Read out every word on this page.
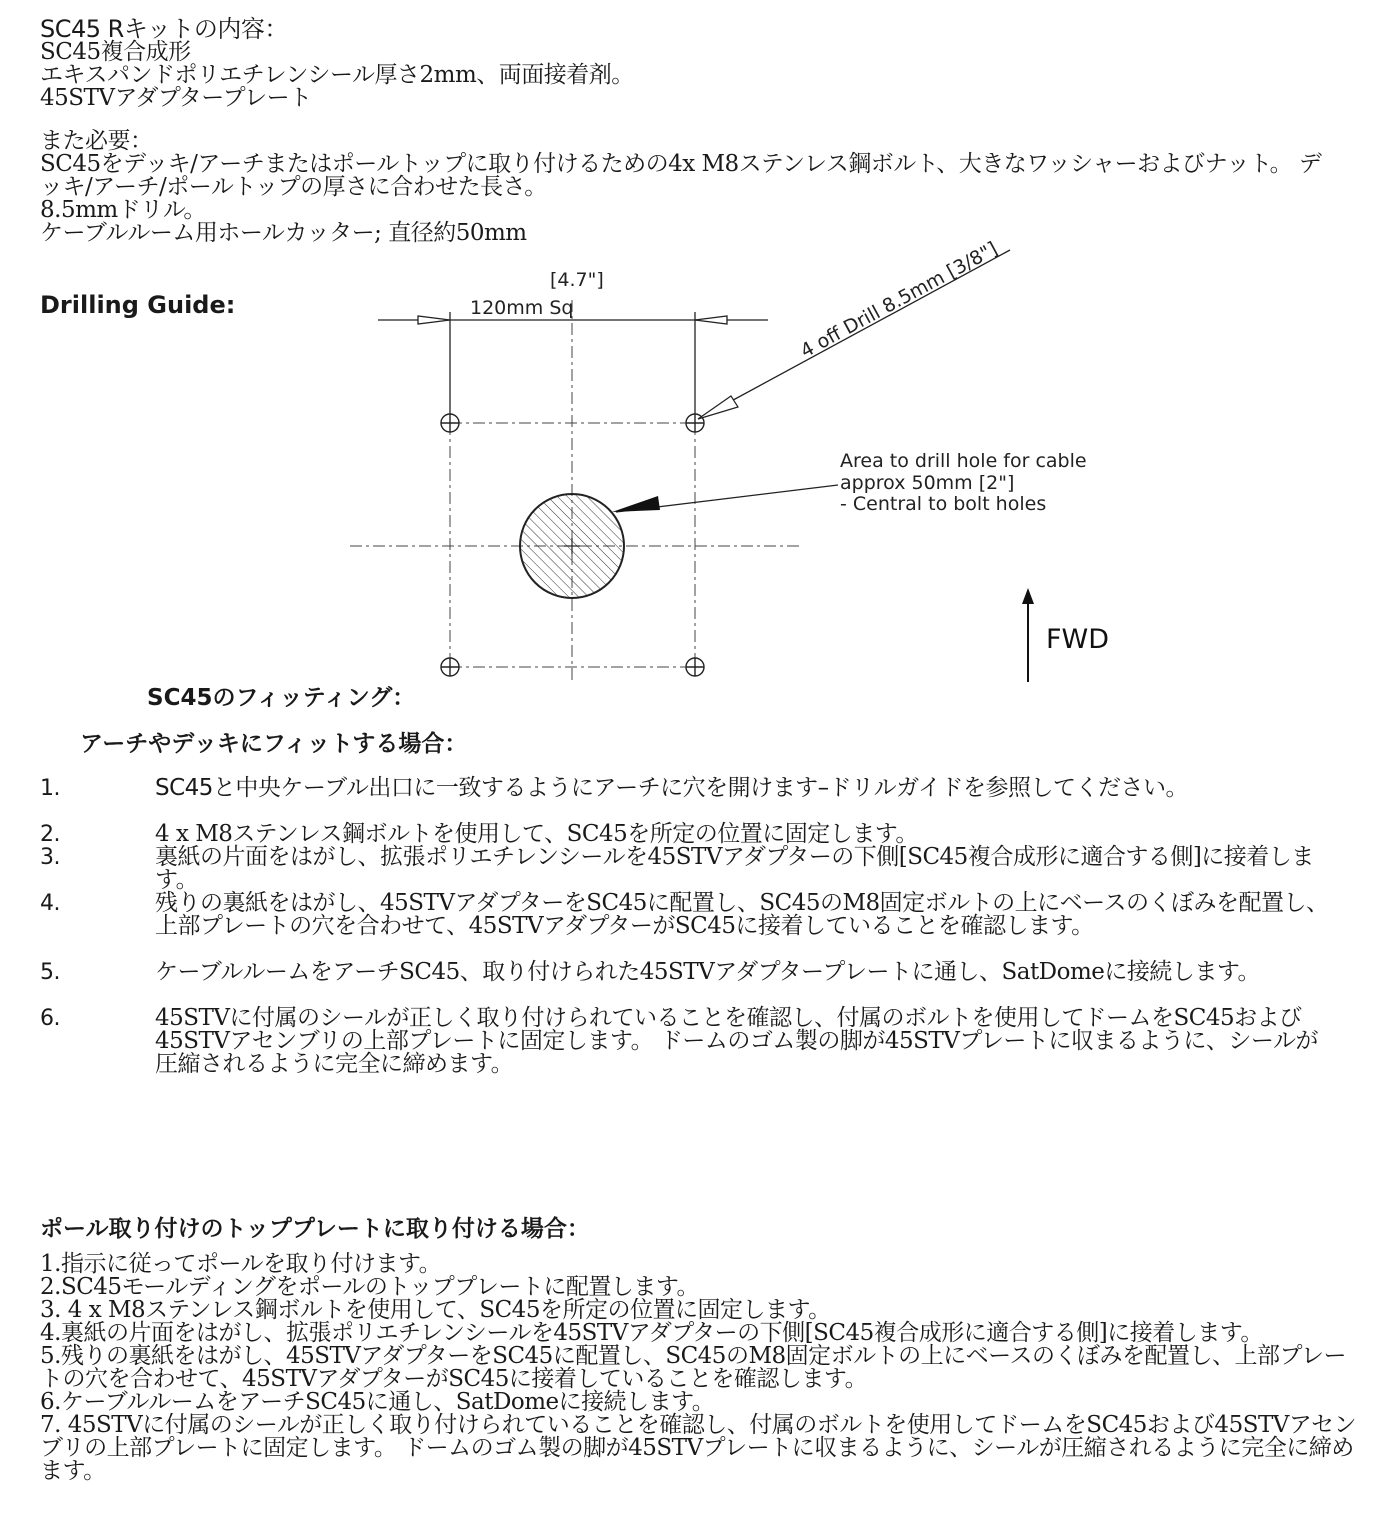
SC45 Rキットの内容：
SC45複合成形
エキスパンドポリエチレンシール厚さ2mm、両面接着剤。
45STVアダプタープレート
また必要：
SC45をデッキ/アーチまたはポールトップに取り付けるための4x M8ステンレス鋼ボルト、大きなワッシャーおよびナット。 デッキ/アーチ/ポールトップの厚さに合わせた長さ。
8.5mmドリル。
ケーブルルーム用ホールカッター; 直径約50mm
Drilling Guide:
[4.7"]
120mm Sq	4 off Drill 8.5mm [3/8"]
Area to drill hole for cable
approx 50mm [2"]
- Central to bolt holes
FWD
SC45のフィッティング：
アーチやデッキにフィットする場合：
1.	SC45と中央ケーブル出口に一致するようにアーチに穴を開けます–ドリルガイドを参照してください。
2.	4 x M8ステンレス鋼ボルトを使用して、SC45を所定の位置に固定します。
3.	裏紙の片面をはがし、拡張ポリエチレンシールを45STVアダプターの下側[SC45複合成形に適合する側]に接着します。
4.	残りの裏紙をはがし、45STVアダプターをSC45に配置し、SC45のM8固定ボルトの上にベースのくぼみを配置し、上部プレートの穴を合わせて、45STVアダプターがSC45に接着していることを確認します。
5.	ケーブルルームをアーチSC45、取り付けられた45STVアダプタープレートに通し、SatDomeに接続します。
6.	45STVに付属のシールが正しく取り付けられていることを確認し、付属のボルトを使用してドームをSC45および45STVアセンブリの上部プレートに固定します。 ドームのゴム製の脚が45STVプレートに収まるように、シールが圧縮されるように完全に締めます。
ポール取り付けのトッププレートに取り付ける場合：
1.指示に従ってポールを取り付けます。
2.SC45モールディングをポールのトッププレートに配置します。
3. 4 x M8ステンレス鋼ボルトを使用して、SC45を所定の位置に固定します。
4.裏紙の片面をはがし、拡張ポリエチレンシールを45STVアダプターの下側[SC45複合成形に適合する側]に接着します。
5.残りの裏紙をはがし、45STVアダプターをSC45に配置し、SC45のM8固定ボルトの上にベースのくぼみを配置し、上部プレートの穴を合わせて、45STVアダプターがSC45に接着していることを確認します。
6.ケーブルルームをアーチSC45に通し、SatDomeに接続します。
7. 45STVに付属のシールが正しく取り付けられていることを確認し、付属のボルトを使用してドームをSC45および45STVアセンブリの上部プレートに固定します。 ドームのゴム製の脚が45STVプレートに収まるように、シールが圧縮されるように完全に締めます。
